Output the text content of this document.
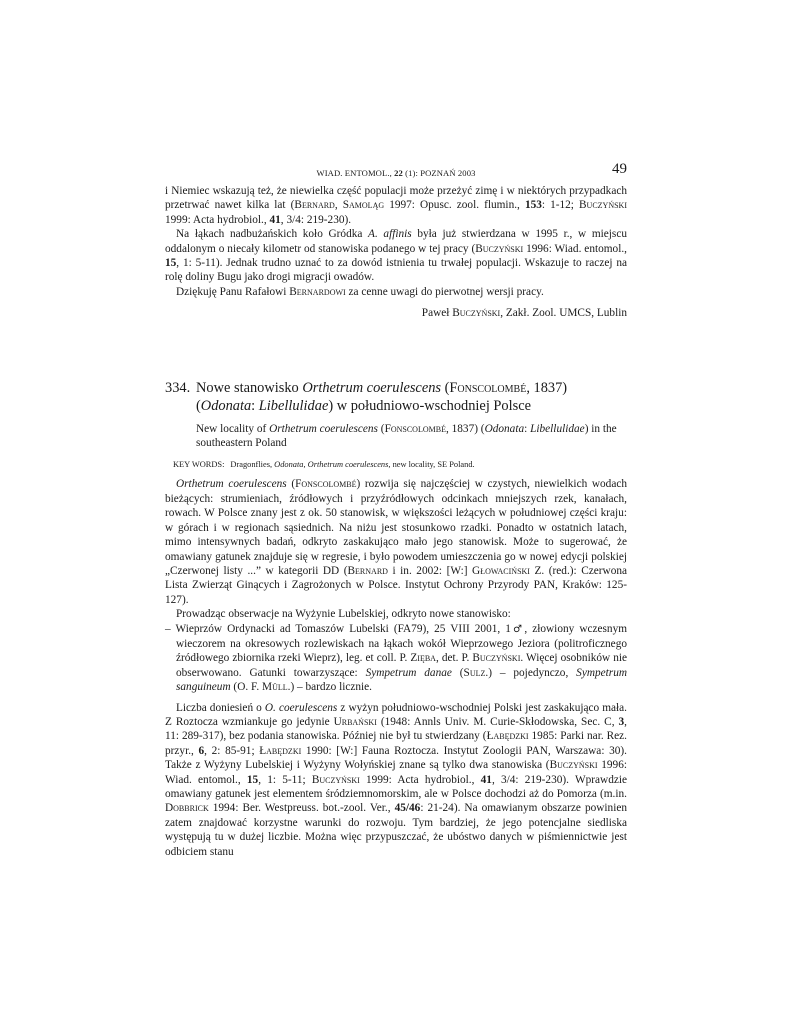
WIAD. ENTOMOL., 22 (1): POZNAŃ 2003	49

i Niemiec wskazują też, że niewielka część populacji może przeżyć zimę i w niektórych przypadkach przetrwać nawet kilka lat (Bernard, Samoląg 1997: Opusc. zool. flumin., 153: 1-12; Buczyński 1999: Acta hydrobiol., 41, 3/4: 219-230).

Na łąkach nadbużańskich koło Gródka A. affinis była już stwierdzana w 1995 r., w miejscu oddalonym o niecały kilometr od stanowiska podanego w tej pracy (Buczyński 1996: Wiad. entomol., 15, 1: 5-11). Jednak trudno uznać to za dowód istnienia tu trwałej populacji. Wskazuje to raczej na rolę doliny Bugu jako drogi migracji owadów.

Dziękuję Panu Rafałowi Bernardowi za cenne uwagi do pierwotnej wersji pracy.

Paweł Buczyński, Zakł. Zool. UMCS, Lublin

334. Nowe stanowisko Orthetrum coerulescens (Fonscolombé, 1837)
(Odonata: Libellulidae) w południowo-wschodniej Polsce

New locality of Orthetrum coerulescens (Fonscolombé, 1837) (Odonata: Libellulidae) in the southeastern Poland

KEY WORDS: Dragonflies, Odonata, Orthetrum coerulescens, new locality, SE Poland.

Orthetrum coerulescens (Fonscolombé) rozwija się najczęściej w czystych, niewielkich wodach bieżących: strumieniach, źródłowych i przyźródłowych odcinkach mniejszych rzek, kanałach, rowach. W Polsce znany jest z ok. 50 stanowisk, w większości leżących w południowej części kraju: w górach i w regionach sąsiednich. Na niżu jest stosunkowo rzadki. Ponadto w ostatnich latach, mimo intensywnych badań, odkryto zaskakująco mało jego stanowisk. Może to sugerować, że omawiany gatunek znajduje się w regresie, i było powodem umieszczenia go w nowej edycji polskiej „Czerwonej listy ...” w kategorii DD (Bernard i in. 2002: [W:] Głowaciński Z. (red.): Czerwona Lista Zwierząt Ginących i Zagrożonych w Polsce. Instytut Ochrony Przyrody PAN, Kraków: 125-127).

Prowadząc obserwacje na Wyżynie Lubelskiej, odkryto nowe stanowisko:

– Wieprzów Ordynacki ad Tomaszów Lubelski (FA79), 25 VIII 2001, 1♂, złowiony wczesnym wieczorem na okresowych rozlewiskach na łąkach wokół Wieprzowego Jeziora (politroficznego źródłowego zbiornika rzeki Wieprz), leg. et coll. P. Zięba, det. P. Buczyński. Więcej osobników nie obserwowano. Gatunki towarzyszące: Sympetrum danae (Sulz.) – pojedynczo, Sympetrum sanguineum (O. F. Müll.) – bardzo licznie.

Liczba doniesień o O. coerulescens z wyżyn południowo-wschodniej Polski jest zaskakująco mała. Z Roztocza wzmiankuje go jedynie Urbański (1948: Annls Univ. M. Curie-Skłodowska, Sec. C, 3, 11: 289-317), bez podania stanowiska. Później nie był tu stwierdzany (Łabędzki 1985: Parki nar. Rez. przyr., 6, 2: 85-91; Łabędzki 1990: [W:] Fauna Roztocza. Instytut Zoologii PAN, Warszawa: 30). Także z Wyżyny Lubelskiej i Wyżyny Wołyńskiej znane są tylko dwa stanowiska (Buczyński 1996: Wiad. entomol., 15, 1: 5-11; Buczyński 1999: Acta hydrobiol., 41, 3/4: 219-230). Wprawdzie omawiany gatunek jest elementem śródziemnomorskim, ale w Polsce dochodzi aż do Pomorza (m.in. Dobbrick 1994: Ber. Westpreuss. bot.-zool. Ver., 45/46: 21-24). Na omawianym obszarze powinien zatem znajdować korzystne warunki do rozwoju. Tym bardziej, że jego potencjalne siedliska występują tu w dużej liczbie. Można więc przypuszczać, że ubóstwo danych w piśmiennictwie jest odbiciem stanu
